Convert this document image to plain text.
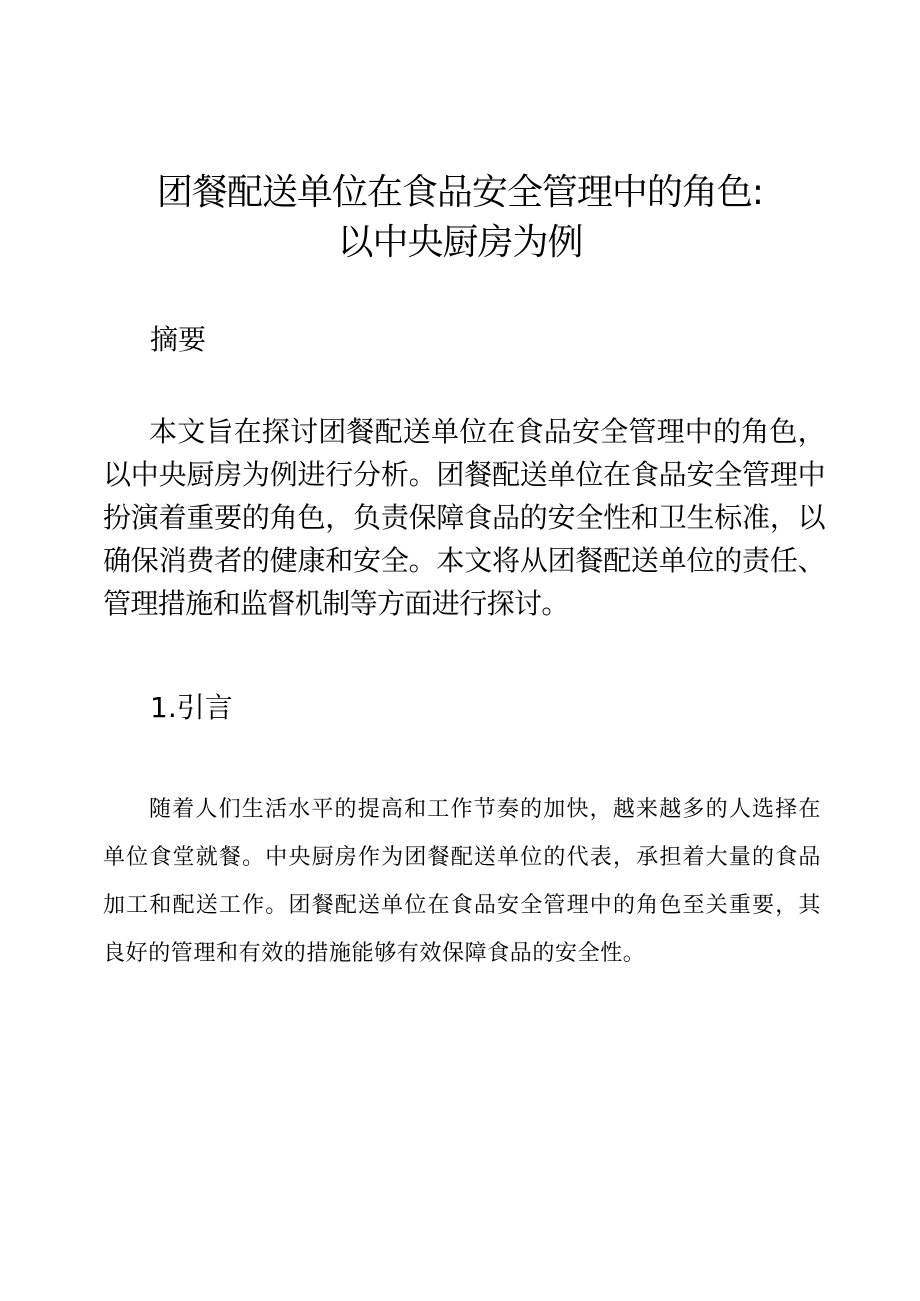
团餐配送单位在食品安全管理中的角色:
以中央厨房为例
摘要

本文旨在探讨团餐配送单位在食品安全管理中的角色，以中央厨房为例进行分析。团餐配送单位在食品安全管理中扮演着重要的角色，负责保障食品的安全性和卫生标准，以确保消费者的健康和安全。本文将从团餐配送单位的责任、管理措施和监督机制等方面进行探讨。

1.引言

随着人们生活水平的提高和工作节奏的加快，越来越多的人选择在单位食堂就餐。中央厨房作为团餐配送单位的代表，承担着大量的食品加工和配送工作。团餐配送单位在食品安全管理中的角色至关重要，其良好的管理和有效的措施能够有效保障食品的安全性。
